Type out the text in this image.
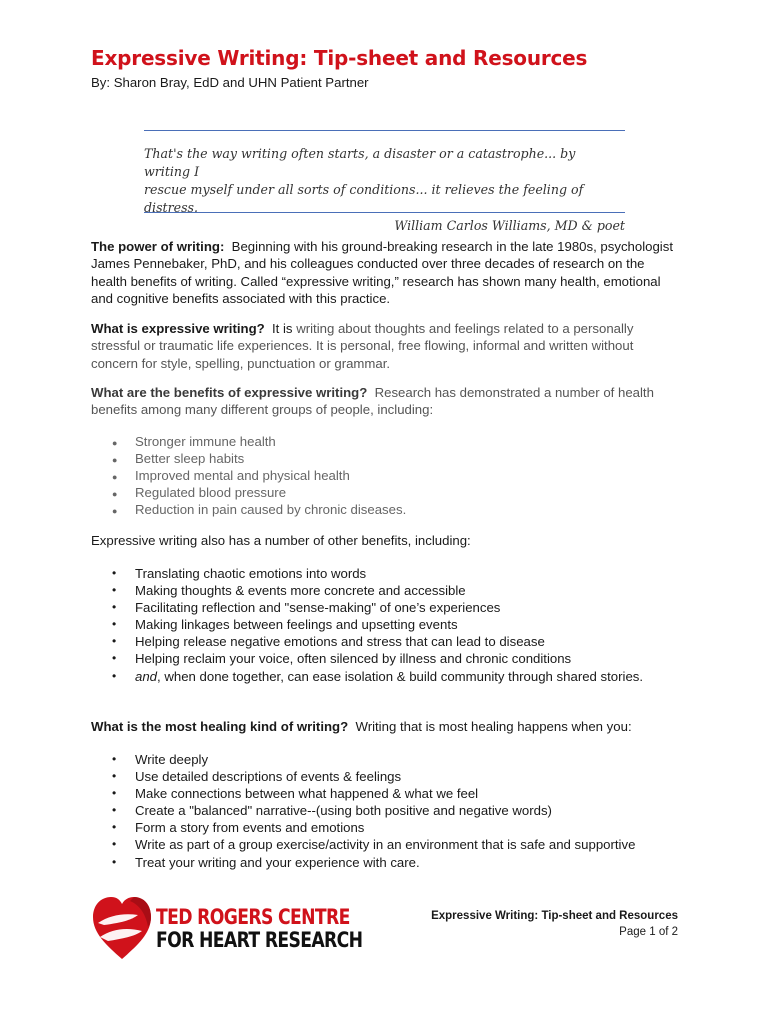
Expressive Writing: Tip-sheet and Resources
By: Sharon Bray, EdD and UHN Patient Partner

That's the way writing often starts, a disaster or a catastrophe... by writing I

rescue myself under all sorts of conditions... it relieves the feeling of distress.

William Carlos Williams, MD & poet

The power of writing: Beginning with his ground-breaking research in the late 1980s, psychologist James Pennebaker, PhD, and his colleagues conducted over three decades of research on the health benefits of writing. Called “expressive writing,” research has shown many health, emotional and cognitive benefits associated with this practice.
What is expressive writing? It is writing about thoughts and feelings related to a personally stressful or traumatic life experiences. It is personal, free flowing, informal and written without concern for style, spelling, punctuation or grammar.
What are the benefits of expressive writing? Research has demonstrated a number of health benefits among many different groups of people, including:
● Stronger immune health
● Better sleep habits
● Improved mental and physical health
● Regulated blood pressure
● Reduction in pain caused by chronic diseases.
Expressive writing also has a number of other benefits, including:
• Translating chaotic emotions into words
• Making thoughts & events more concrete and accessible
• Facilitating reflection and "sense-making" of one’s experiences
• Making linkages between feelings and upsetting events
• Helping release negative emotions and stress that can lead to disease
• Helping reclaim your voice, often silenced by illness and chronic conditions
• and, when done together, can ease isolation & build community through shared stories.
What is the most healing kind of writing? Writing that is most healing happens when you:
• Write deeply
• Use detailed descriptions of events & feelings
• Make connections between what happened & what we feel
• Create a "balanced" narrative--(using both positive and negative words)
• Form a story from events and emotions
• Write as part of a group exercise/activity in an environment that is safe and supportive
• Treat your writing and your experience with care.
TED ROGERS CENTRE
FOR HEART RESEARCH
Expressive Writing: Tip-sheet and Resources
Page 1 of 2
